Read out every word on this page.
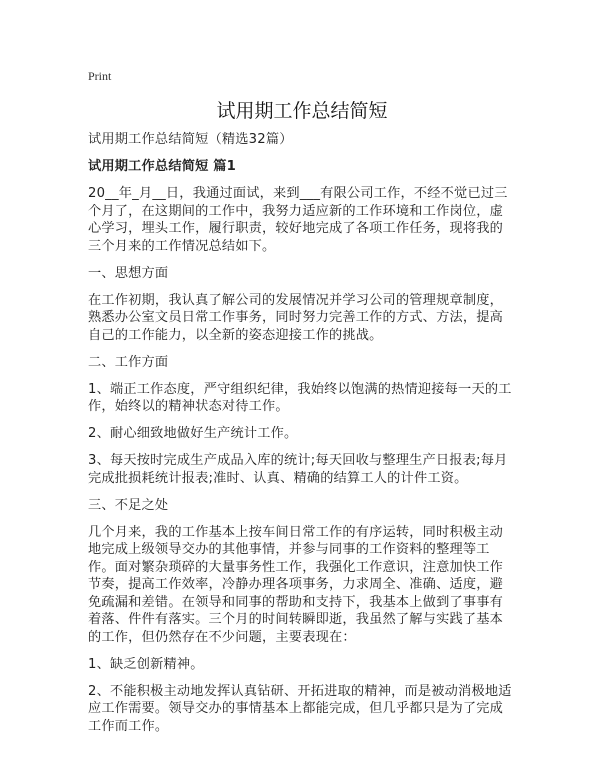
Print
试用期工作总结简短

试用期工作总结简短（精选32篇）

试用期工作总结简短 篇1

20__年_月__日，我通过面试，来到___有限公司工作，不经不觉已过三个月了，在这期间的工作中，我努力适应新的工作环境和工作岗位，虚心学习，埋头工作，履行职责，较好地完成了各项工作任务，现将我的三个月来的工作情况总结如下。

一、思想方面

在工作初期，我认真了解公司的发展情况并学习公司的管理规章制度，熟悉办公室文员日常工作事务，同时努力完善工作的方式、方法，提高自己的工作能力，以全新的姿态迎接工作的挑战。

二、工作方面

1、端正工作态度，严守组织纪律，我始终以饱满的热情迎接每一天的工作，始终以的精神状态对待工作。

2、耐心细致地做好生产统计工作。

3、每天按时完成生产成品入库的统计;每天回收与整理生产日报表;每月完成批损耗统计报表;准时、认真、精确的结算工人的计件工资。

三、不足之处

几个月来，我的工作基本上按车间日常工作的有序运转，同时积极主动地完成上级领导交办的其他事情，并参与同事的工作资料的整理等工作。面对繁杂琐碎的大量事务性工作，我强化工作意识，注意加快工作节奏，提高工作效率，冷静办理各项事务，力求周全、准确、适度，避免疏漏和差错。在领导和同事的帮助和支持下，我基本上做到了事事有着落、件件有落实。三个月的时间转瞬即逝，我虽然了解与实践了基本的工作，但仍然存在不少问题，主要表现在：

1、缺乏创新精神。

2、不能积极主动地发挥认真钻研、开拓进取的精神，而是被动消极地适应工作需要。领导交办的事情基本上都能完成，但几乎都只是为了完成工作而工作。
